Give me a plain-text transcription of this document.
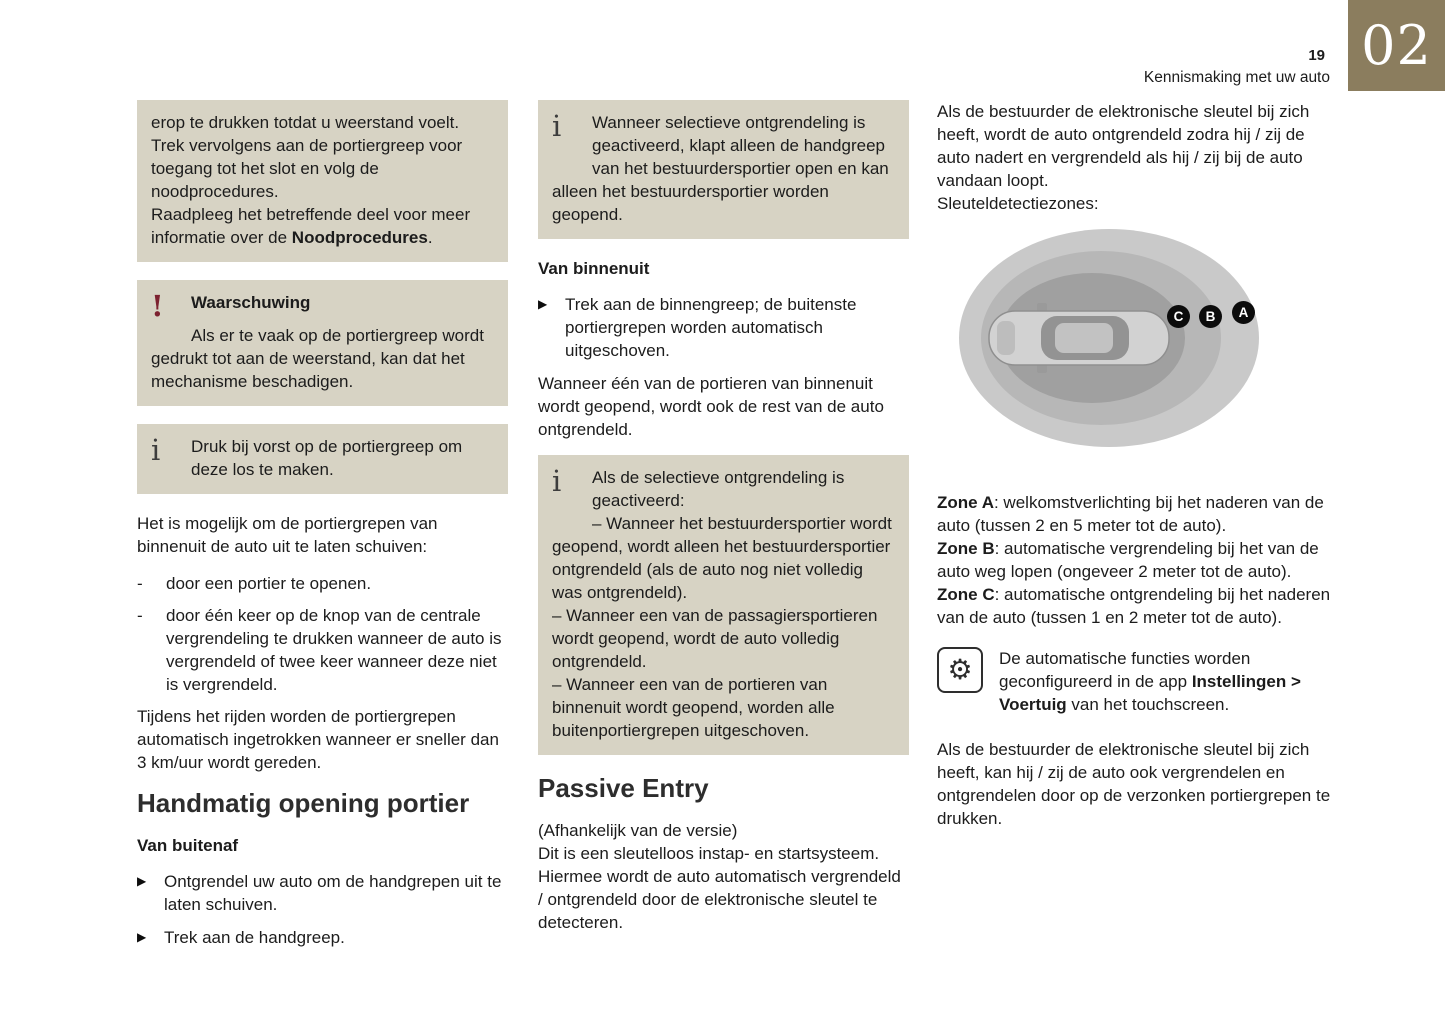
02
19
Kennismaking met uw auto

erop te drukken totdat u weerstand voelt. Trek vervolgens aan de portiergreep voor toegang tot het slot en volg de noodprocedures.

Raadpleeg het betreffende deel voor meer informatie over de Noodprocedures.

!	Waarschuwing

Als er te vaak op de portiergreep wordt gedrukt tot aan de weerstand, kan dat het mechanisme beschadigen.

i	Druk bij vorst op de portiergreep om deze los te maken.

Het is mogelijk om de portiergrepen van binnenuit de auto uit te laten schuiven:

-	door een portier te openen.
-	door één keer op de knop van de centrale vergrendeling te drukken wanneer de auto is vergrendeld of twee keer wanneer deze niet is vergrendeld.

Tijdens het rijden worden de portiergrepen automatisch ingetrokken wanneer er sneller dan 3 km/uur wordt gereden.

Handmatig opening portier

Van buitenaf

▶	Ontgrendel uw auto om de handgrepen uit te laten schuiven.
▶	Trek aan de handgreep.
i	Wanneer selectieve ontgrendeling is geactiveerd, klapt alleen de handgreep van het bestuurdersportier open en kan alleen het bestuurdersportier worden geopend.

Van binnenuit

▶	Trek aan de binnengreep; de buitenste portiergrepen worden automatisch uitgeschoven.

Wanneer één van de portieren van binnenuit wordt geopend, wordt ook de rest van de auto ontgrendeld.

i	Als de selectieve ontgrendeling is geactiveerd:

– Wanneer het bestuurdersportier wordt geopend, wordt alleen het bestuurdersportier ontgrendeld (als de auto nog niet volledig was ontgrendeld).

– Wanneer een van de passagiersportieren wordt geopend, wordt de auto volledig ontgrendeld.

– Wanneer een van de portieren van binnenuit wordt geopend, worden alle buitenportiergrepen uitgeschoven.

Passive Entry

(Afhankelijk van de versie)

Dit is een sleutelloos instap- en startsysteem. Hiermee wordt de auto automatisch vergrendeld / ontgrendeld door de elektronische sleutel te detecteren.

Als de bestuurder de elektronische sleutel bij zich heeft, wordt de auto ontgrendeld zodra hij / zij de auto nadert en vergrendeld als hij / zij bij de auto vandaan loopt.

Sleuteldetectiezones:

C	B	A

Zone A: welkomstverlichting bij het naderen van de auto (tussen 2 en 5 meter tot de auto).

Zone B: automatische vergrendeling bij het van de auto weg lopen (ongeveer 2 meter tot de auto).

Zone C: automatische ontgrendeling bij het naderen van de auto (tussen 1 en 2 meter tot de auto).

⚙ De automatische functies worden geconfigureerd in de app Instellingen > Voertuig van het touchscreen.

Als de bestuurder de elektronische sleutel bij zich heeft, kan hij / zij de auto ook vergrendelen en ontgrendelen door op de verzonken portiergrepen te drukken.
